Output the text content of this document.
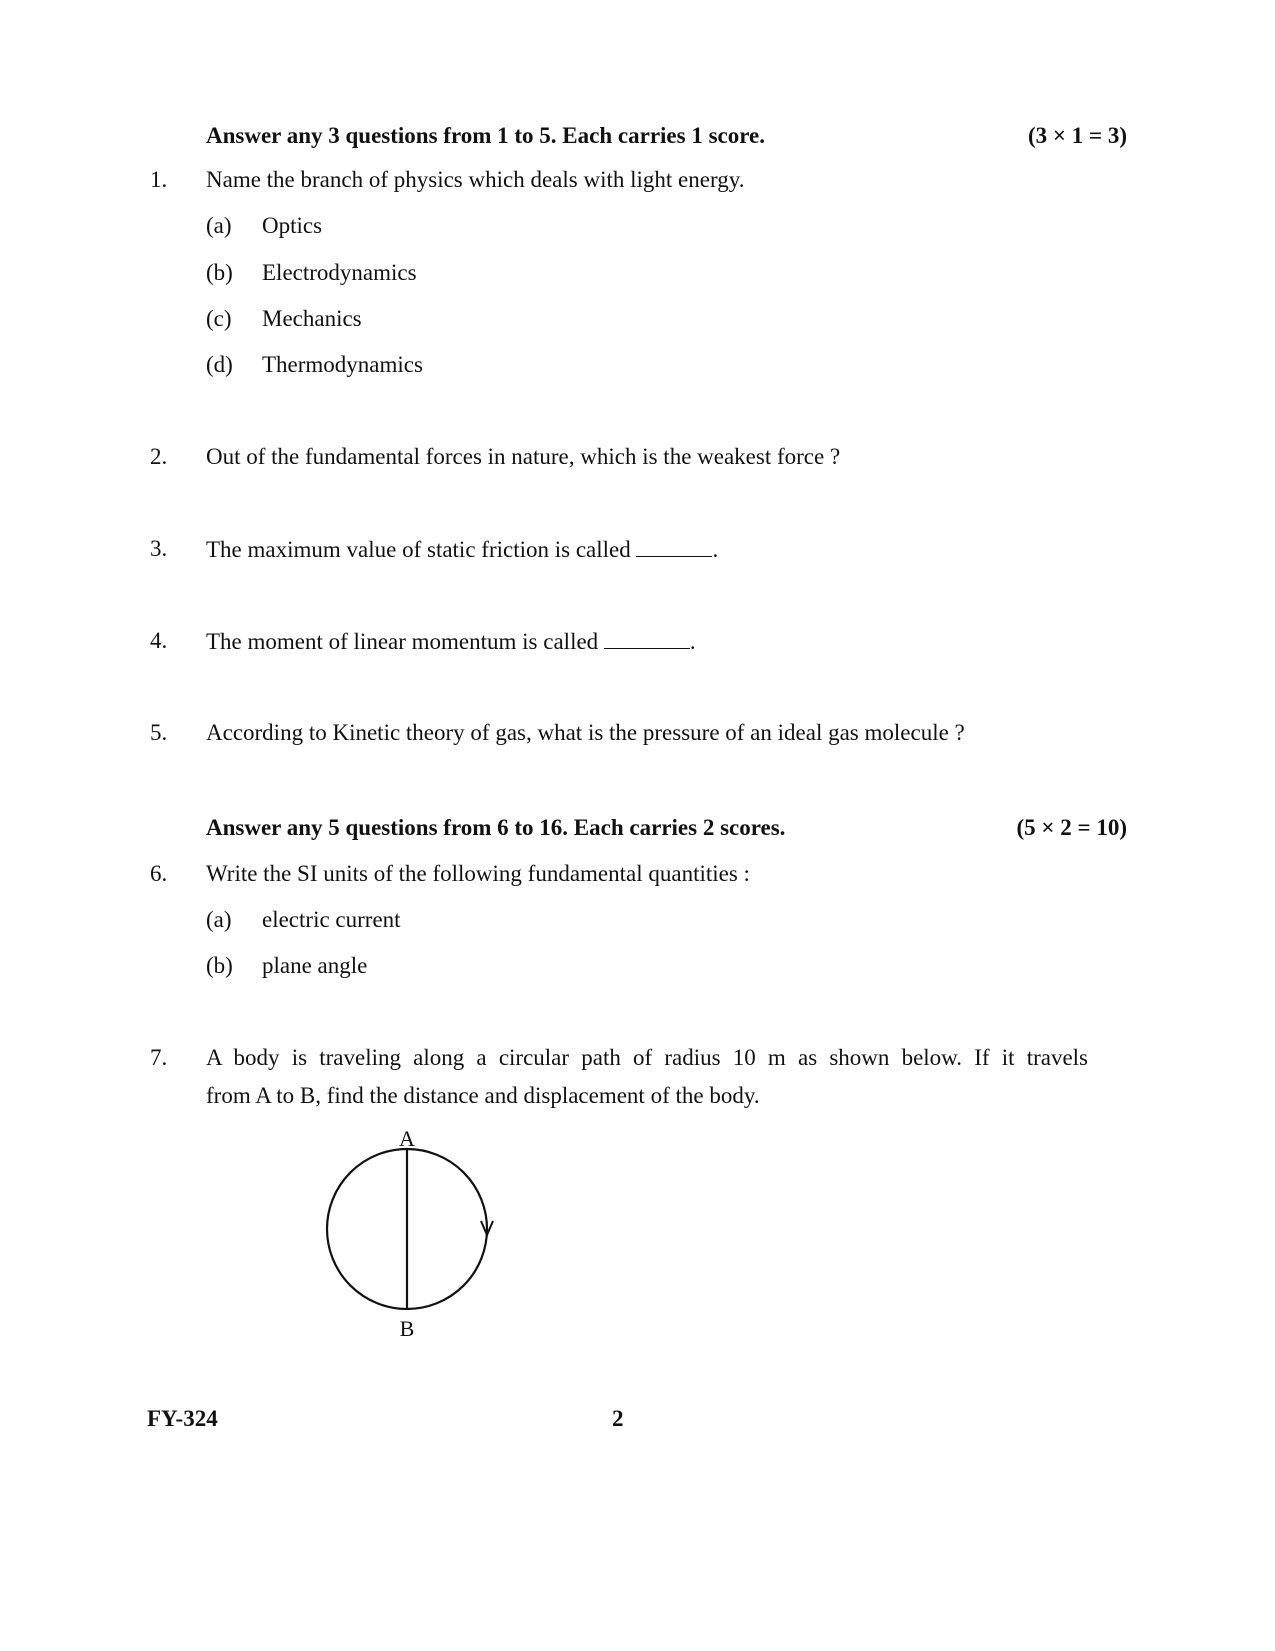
Answer any 3 questions from 1 to 5. Each carries 1 score.	(3 × 1 = 3)
1. Name the branch of physics which deals with light energy.
(a) Optics
(b) Electrodynamics
(c) Mechanics
(d) Thermodynamics
2. Out of the fundamental forces in nature, which is the weakest force ?
3. The maximum value of static friction is called	.
4. The moment of linear momentum is called	.
5. According to Kinetic theory of gas, what is the pressure of an ideal gas molecule ?
Answer any 5 questions from 6 to 16. Each carries 2 scores.	(5 × 2 = 10)
6. Write the SI units of the following fundamental quantities :
(a) electric current
(b) plane angle
7. A body is traveling along a circular path of radius 10 m as shown below. If it travels
from A to B, find the distance and displacement of the body.
A
B
FY-324	2
